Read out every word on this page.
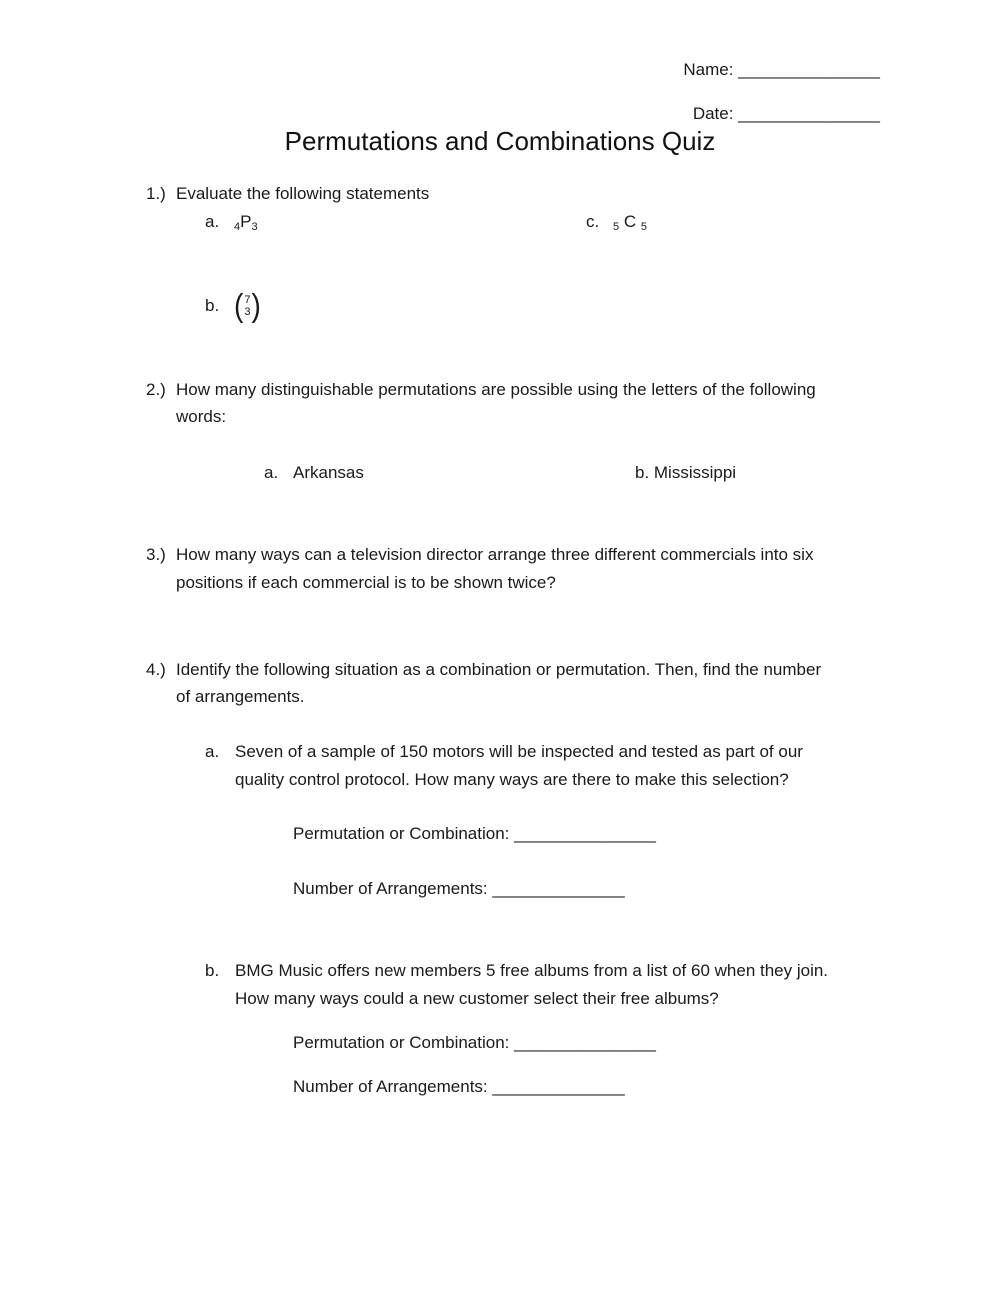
Name: _______________
Date: _______________
Permutations and Combinations Quiz
1.) Evaluate the following statements
a. $_4P_3$	c. $_5$ C $_5$
b. ( 7
3 )
2.) How many distinguishable permutations are possible using the letters of the following
words:
a. Arkansas	b. Mississippi
3.) How many ways can a television director arrange three different commercials into six
positions if each commercial is to be shown twice?
4.) Identify the following situation as a combination or permutation. Then, find the number
of arrangements.
a. Seven of a sample of 150 motors will be inspected and tested as part of our
quality control protocol. How many ways are there to make this selection?
Permutation or Combination: _______________
Number of Arrangements: ______________
b. BMG Music offers new members 5 free albums from a list of 60 when they join.
How many ways could a new customer select their free albums?
Permutation or Combination: _______________
Number of Arrangements: ______________
